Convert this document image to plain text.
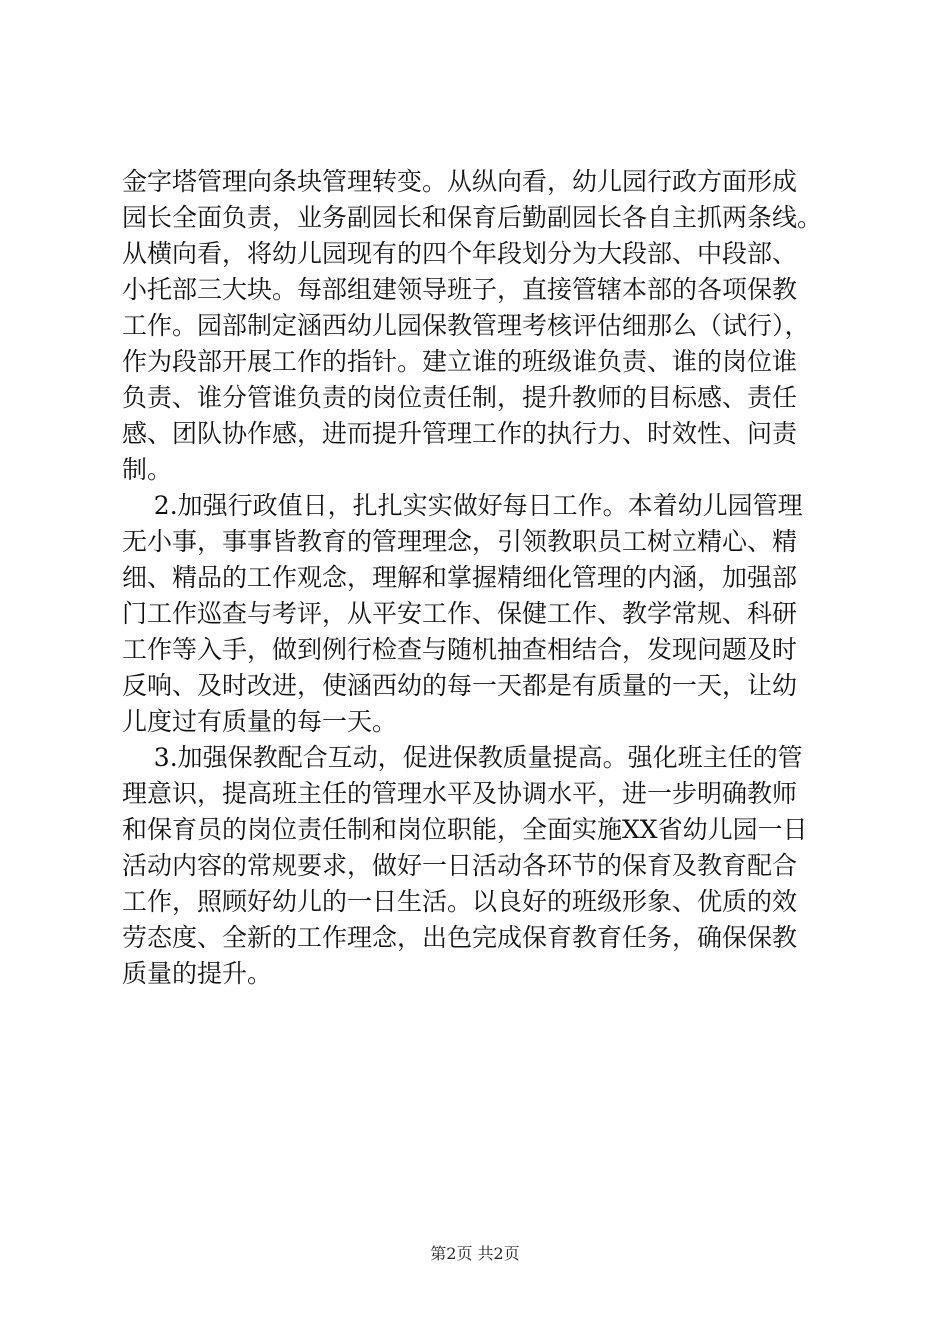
金字塔管理向条块管理转变。从纵向看，幼儿园行政方面形成
园长全面负责，业务副园长和保育后勤副园长各自主抓两条线。
从横向看，将幼儿园现有的四个年段划分为大段部、中段部、
小托部三大块。每部组建领导班子，直接管辖本部的各项保教
工作。园部制定涵西幼儿园保教管理考核评估细那么（试行），
作为段部开展工作的指针。建立谁的班级谁负责、谁的岗位谁
负责、谁分管谁负责的岗位责任制，提升教师的目标感、责任
感、团队协作感，进而提升管理工作的执行力、时效性、问责
制。
2.加强行政值日，扎扎实实做好每日工作。本着幼儿园管理
无小事，事事皆教育的管理理念，引领教职员工树立精心、精
细、精品的工作观念，理解和掌握精细化管理的内涵，加强部
门工作巡查与考评，从平安工作、保健工作、教学常规、科研
工作等入手，做到例行检查与随机抽查相结合，发现问题及时
反响、及时改进，使涵西幼的每一天都是有质量的一天，让幼
儿度过有质量的每一天。
3.加强保教配合互动，促进保教质量提高。强化班主任的管
理意识，提高班主任的管理水平及协调水平，进一步明确教师
和保育员的岗位责任制和岗位职能，全面实施XX省幼儿园一日
活动内容的常规要求，做好一日活动各环节的保育及教育配合
工作，照顾好幼儿的一日生活。以良好的班级形象、优质的效
劳态度、全新的工作理念，出色完成保育教育任务，确保保教
质量的提升。
第2页 共2页
